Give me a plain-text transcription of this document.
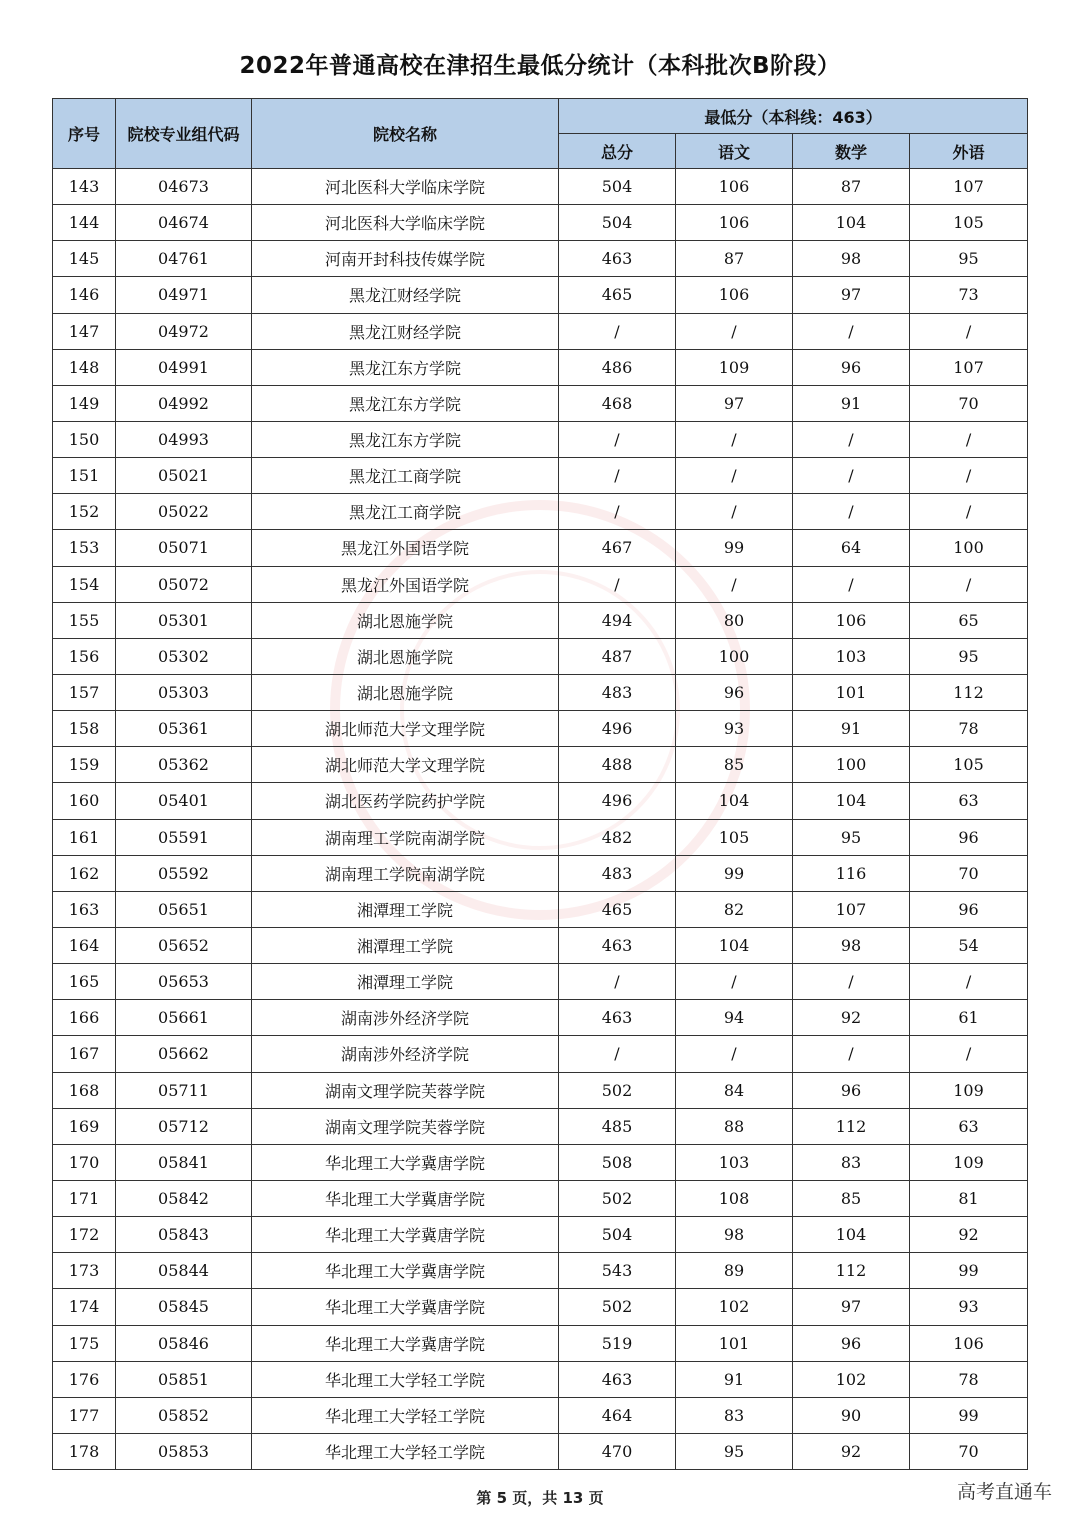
2022年普通高校在津招生最低分统计（本科批次B阶段）
序号	院校专业组代码	院校名称	最低分（本科线：463）			
			总分	语文	数学	外语
143	04673	河北医科大学临床学院	504	106	87	107
144	04674	河北医科大学临床学院	504	106	104	105
145	04761	河南开封科技传媒学院	463	87	98	95
146	04971	黑龙江财经学院	465	106	97	73
147	04972	黑龙江财经学院	/	/	/	/
148	04991	黑龙江东方学院	486	109	96	107
149	04992	黑龙江东方学院	468	97	91	70
150	04993	黑龙江东方学院	/	/	/	/
151	05021	黑龙江工商学院	/	/	/	/
152	05022	黑龙江工商学院	/	/	/	/
153	05071	黑龙江外国语学院	467	99	64	100
154	05072	黑龙江外国语学院	/	/	/	/
155	05301	湖北恩施学院	494	80	106	65
156	05302	湖北恩施学院	487	100	103	95
157	05303	湖北恩施学院	483	96	101	112
158	05361	湖北师范大学文理学院	496	93	91	78
159	05362	湖北师范大学文理学院	488	85	100	105
160	05401	湖北医药学院药护学院	496	104	104	63
161	05591	湖南理工学院南湖学院	482	105	95	96
162	05592	湖南理工学院南湖学院	483	99	116	70
163	05651	湘潭理工学院	465	82	107	96
164	05652	湘潭理工学院	463	104	98	54
165	05653	湘潭理工学院	/	/	/	/
166	05661	湖南涉外经济学院	463	94	92	61
167	05662	湖南涉外经济学院	/	/	/	/
168	05711	湖南文理学院芙蓉学院	502	84	96	109
169	05712	湖南文理学院芙蓉学院	485	88	112	63
170	05841	华北理工大学冀唐学院	508	103	83	109
171	05842	华北理工大学冀唐学院	502	108	85	81
172	05843	华北理工大学冀唐学院	504	98	104	92
173	05844	华北理工大学冀唐学院	543	89	112	99
174	05845	华北理工大学冀唐学院	502	102	97	93
175	05846	华北理工大学冀唐学院	519	101	96	106
176	05851	华北理工大学轻工学院	463	91	102	78
177	05852	华北理工大学轻工学院	464	83	90	99
178	05853	华北理工大学轻工学院	470	95	92	70
第 5 页，共 13 页	高考直通车
